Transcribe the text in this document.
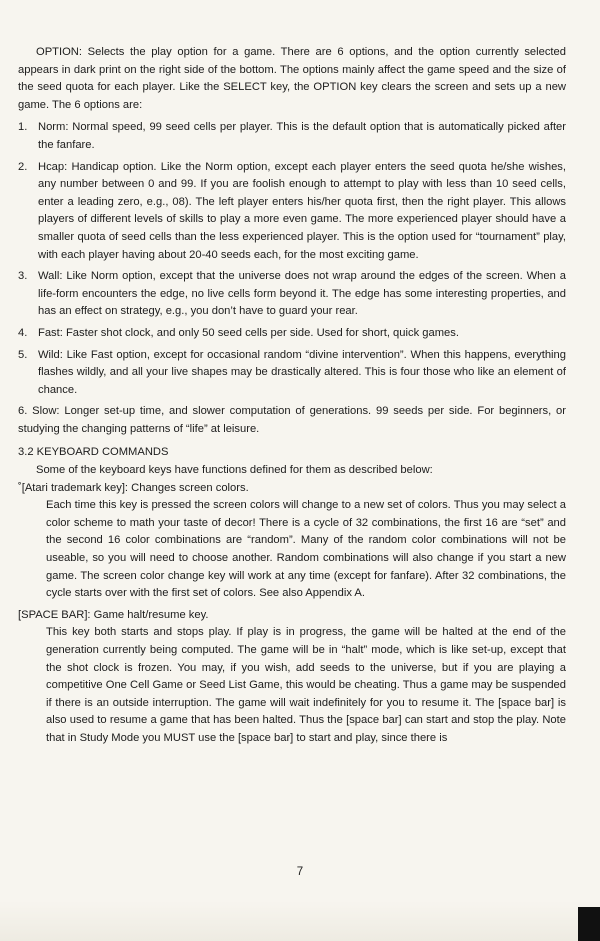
OPTION: Selects the play option for a game. There are 6 options, and the option currently selected appears in dark print on the right side of the bottom. The options mainly affect the game speed and the size of the seed quota for each player. Like the SELECT key, the OPTION key clears the screen and sets up a new game. The 6 options are:

1. Norm: Normal speed, 99 seed cells per player. This is the default option that is automatically picked after the fanfare.
2. Hcap: Handicap option. Like the Norm option, except each player enters the seed quota he/she wishes, any number between 0 and 99. If you are foolish enough to attempt to play with less than 10 seed cells, enter a leading zero, e.g., 08). The left player enters his/her quota first, then the right player. This allows players of different levels of skills to play a more even game. The more experienced player should have a smaller quota of seed cells than the less experienced player. This is the option used for “tournament” play, with each player having about 20-40 seeds each, for the most exciting game.
3. Wall: Like Norm option, except that the universe does not wrap around the edges of the screen. When a life-form encounters the edge, no live cells form beyond it. The edge has some interesting properties, and has an effect on strategy, e.g., you don’t have to guard your rear.
4. Fast: Faster shot clock, and only 50 seed cells per side. Used for short, quick games.
5. Wild: Like Fast option, except for occasional random “divine intervention”. When this happens, everything flashes wildly, and all your live shapes may be drastically altered. This is four those who like an element of chance.
6. Slow: Longer set-up time, and slower computation of generations. 99 seeds per side. For beginners, or studying the changing patterns of “life” at leisure.

3.2 KEYBOARD COMMANDS

Some of the keyboard keys have functions defined for them as described below:

˚[Atari trademark key]: Changes screen colors.

Each time this key is pressed the screen colors will change to a new set of colors. Thus you may select a color scheme to math your taste of decor! There is a cycle of 32 combinations, the first 16 are “set” and the second 16 color combinations are “random”. Many of the random color combinations will not be useable, so you will need to choose another. Random combinations will also change if you start a new game. The screen color change key will work at any time (except for fanfare). After 32 combinations, the cycle starts over with the first set of colors. See also Appendix A.

[SPACE BAR]: Game halt/resume key.

This key both starts and stops play. If play is in progress, the game will be halted at the end of the generation currently being computed. The game will be in “halt” mode, which is like set-up, except that the shot clock is frozen. You may, if you wish, add seeds to the universe, but if you are playing a competitive One Cell Game or Seed List Game, this would be cheating. Thus a game may be suspended if there is an outside interruption. The game will wait indefinitely for you to resume it. The [space bar] is also used to resume a game that has been halted. Thus the [space bar] can start and stop the play. Note that in Study Mode you MUST use the [space bar] to start and play, since there is

7
